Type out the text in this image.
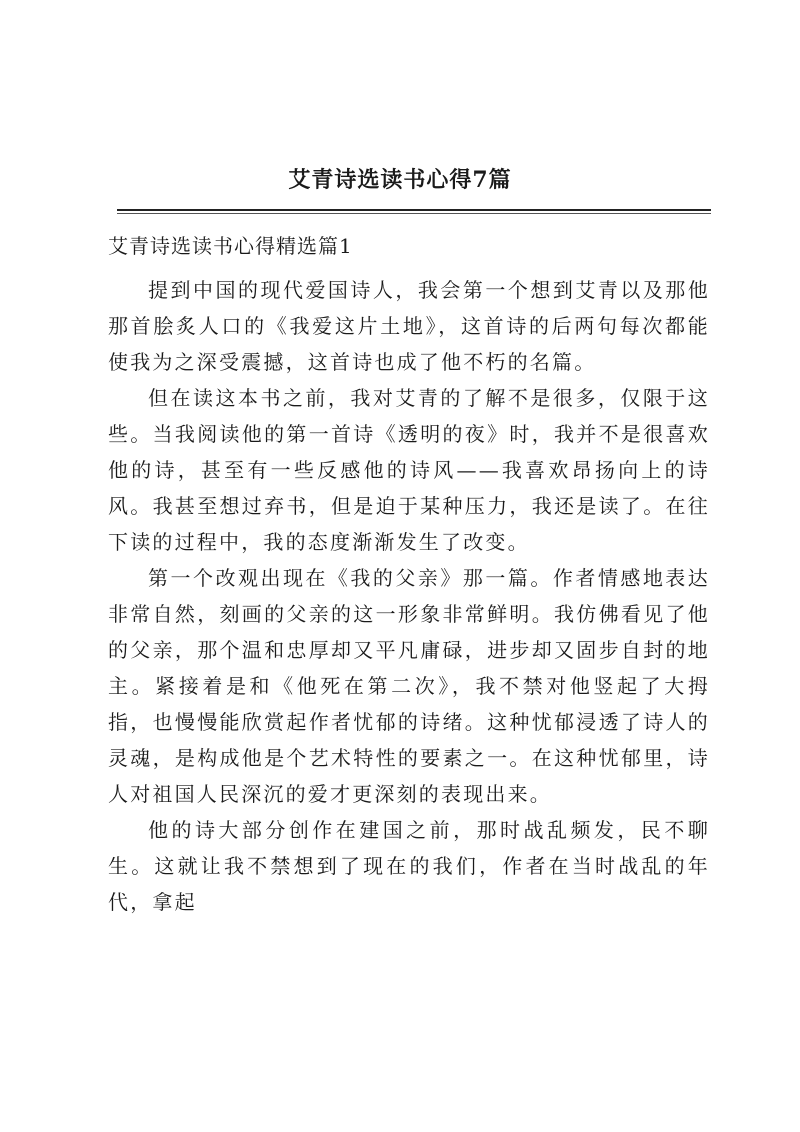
艾青诗选读书心得7篇
艾青诗选读书心得精选篇1

提到中国的现代爱国诗人，我会第一个想到艾青以及那他那首脍炙人口的《我爱这片土地》，这首诗的后两句每次都能使我为之深受震撼，这首诗也成了他不朽的名篇。

但在读这本书之前，我对艾青的了解不是很多，仅限于这些。当我阅读他的第一首诗《透明的夜》时，我并不是很喜欢他的诗，甚至有一些反感他的诗风——我喜欢昂扬向上的诗风。我甚至想过弃书，但是迫于某种压力，我还是读了。在往下读的过程中，我的态度渐渐发生了改变。

第一个改观出现在《我的父亲》那一篇。作者情感地表达非常自然，刻画的父亲的这一形象非常鲜明。我仿佛看见了他的父亲，那个温和忠厚却又平凡庸碌，进步却又固步自封的地主。紧接着是和《他死在第二次》，我不禁对他竖起了大拇指，也慢慢能欣赏起作者忧郁的诗绪。这种忧郁浸透了诗人的灵魂，是构成他是个艺术特性的要素之一。在这种忧郁里，诗人对祖国人民深沉的爱才更深刻的表现出来。

他的诗大部分创作在建国之前，那时战乱频发，民不聊生。这就让我不禁想到了现在的我们，作者在当时战乱的年代，拿起
